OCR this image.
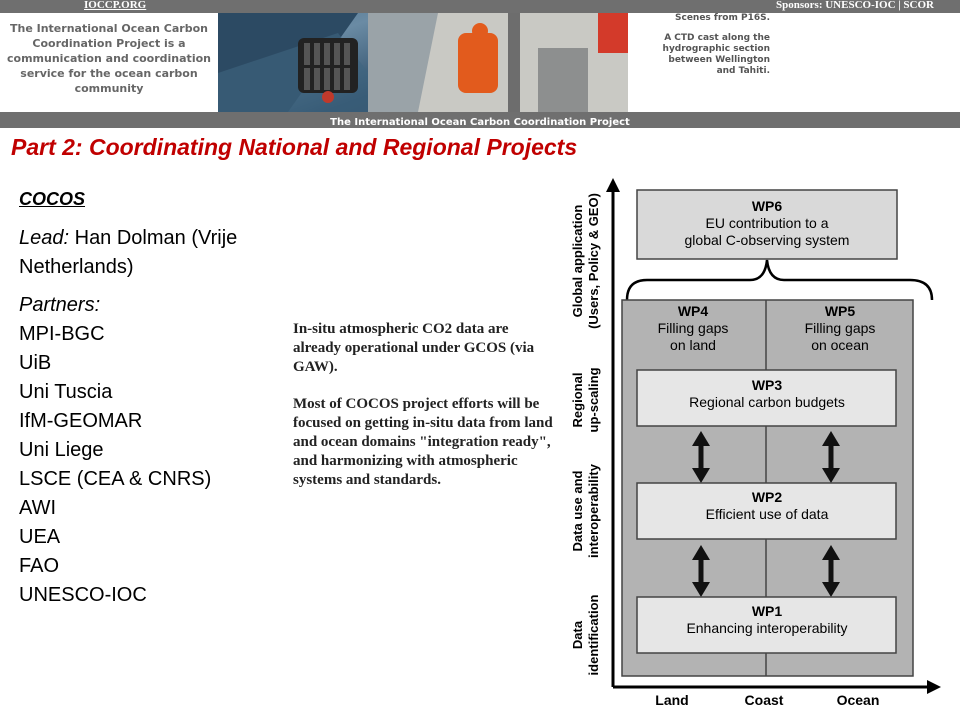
IOCCP.ORG	Sponsors: UNESCO-IOC | SCOR
The International Ocean Carbon Coordination Project is a communication and coordination service for the ocean carbon community

Scenes from P16S.

A CTD cast along the hydrographic section between Wellington and Tahiti.

The International Ocean Carbon Coordination Project
Part 2: Coordinating National and Regional Projects
COCOS
Lead: Han Dolman (Vrije Netherlands)
Partners:
MPI-BGC
UiB
Uni Tuscia
IfM-GEOMAR
Uni Liege
LSCE (CEA & CNRS)
AWI
UEA
FAO
UNESCO-IOC

In-situ atmospheric CO2 data are already operational under GCOS (via GAW).

Most of COCOS project efforts will be focused on getting in-situ data from land and ocean domains "integration ready", and harmonizing with atmospheric systems and standards.

Global application (Users, Policy & GEO)
Regional up-scaling
Data use and interoperability
Data identification
Land	Coast	Ocean
WP6
EU contribution to a
global C-observing system
WP4
Filling gaps
on land
WP5
Filling gaps
on ocean
WP3
Regional carbon budgets
WP2
Efficient use of data
WP1
Enhancing interoperability
